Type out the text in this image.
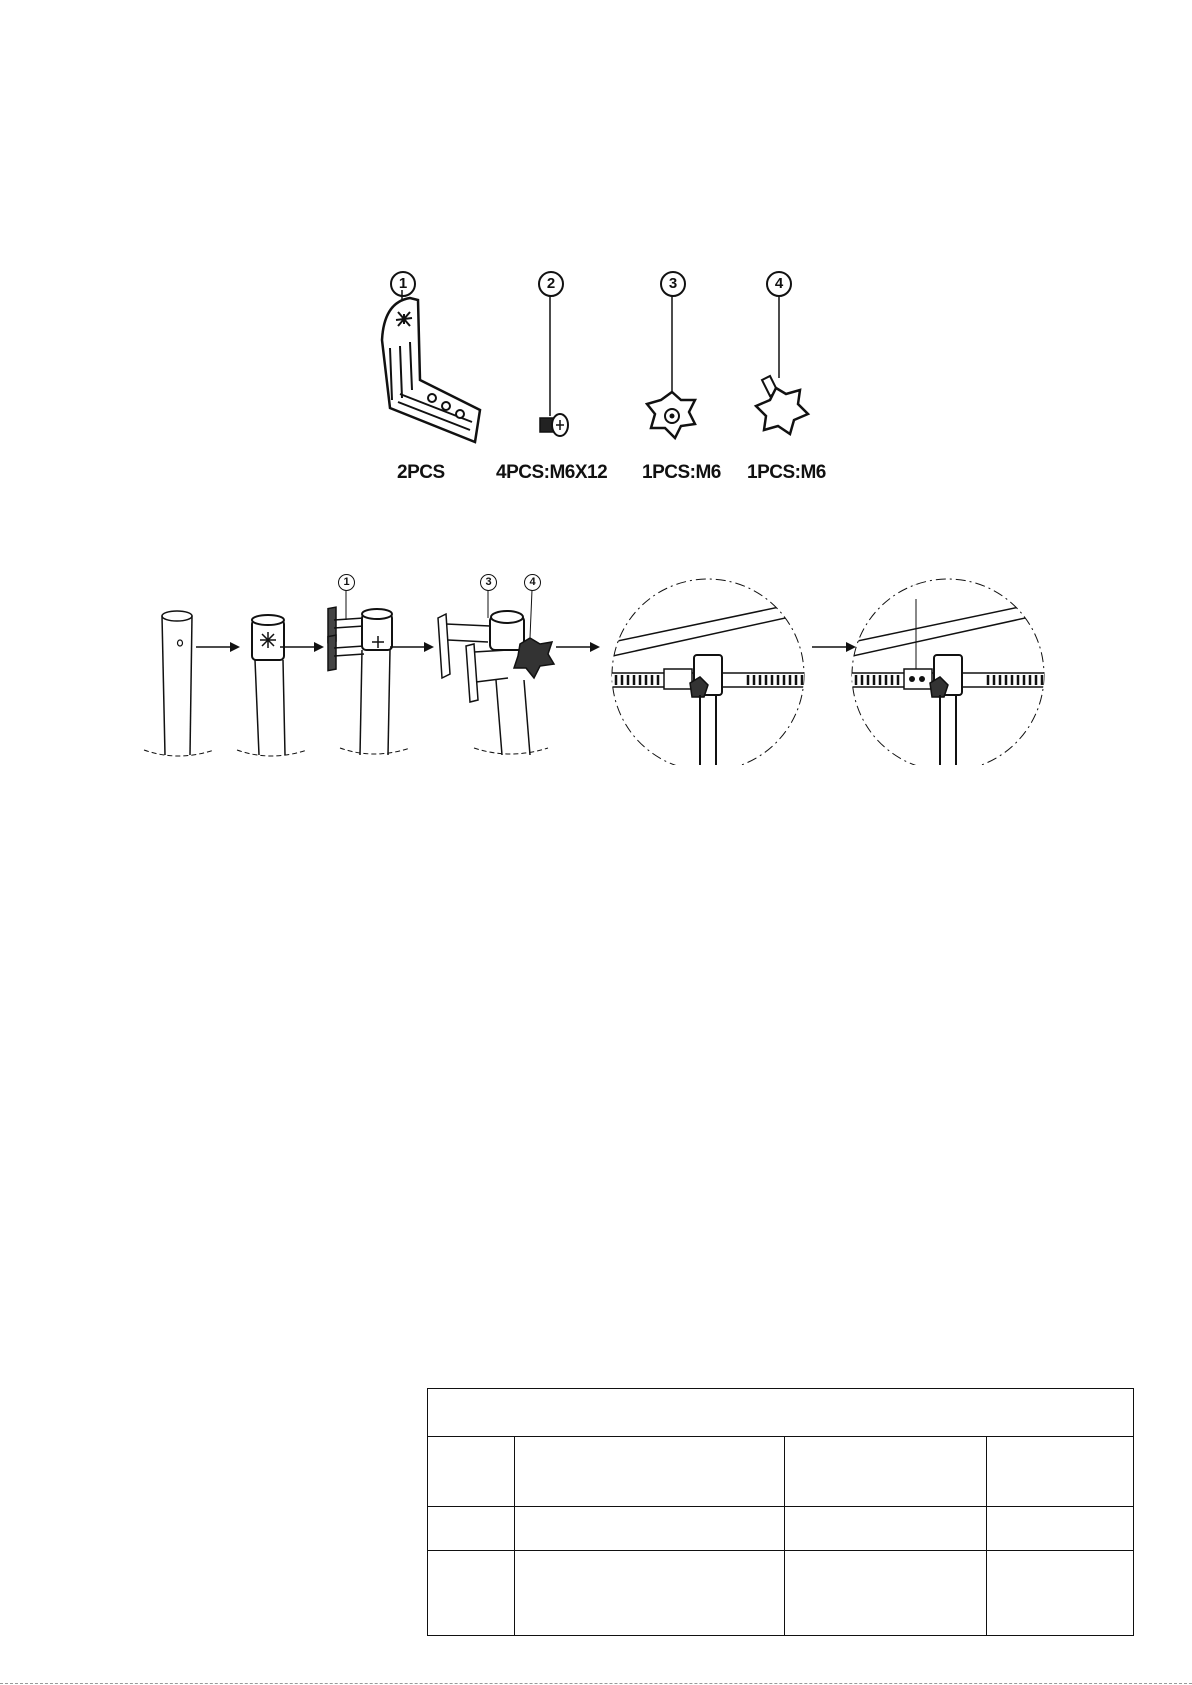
1
2PCS
2
4PCS:M6X12
3
1PCS:M6
4
1PCS:M6
1	3	4
